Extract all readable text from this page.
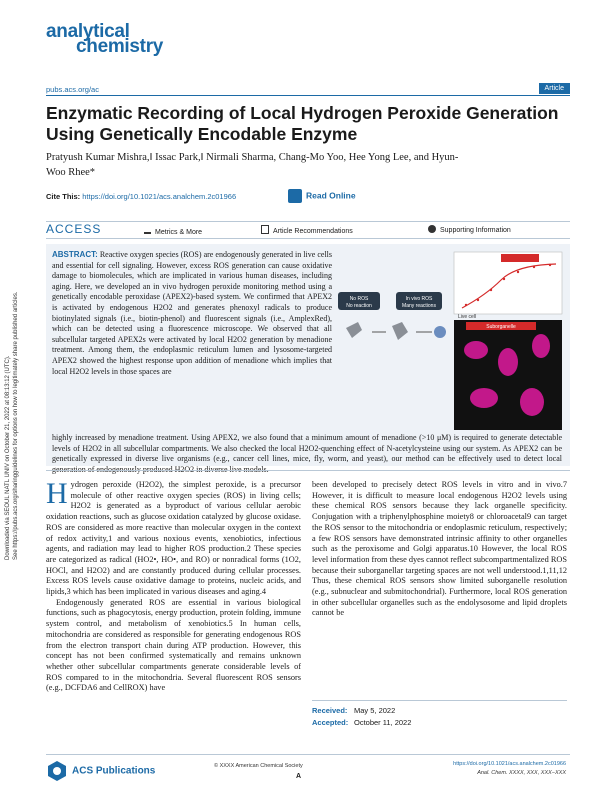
Downloaded via SEOUL NATL UNIV on October 21, 2022 at 08:13:12 (UTC). See https://pubs.acs.org/sharingguidelines for options on how to legitimately share published articles.
analytical
chemistry
pubs.acs.org/ac	Article
Enzymatic Recording of Local Hydrogen Peroxide Generation Using Genetically Encodable Enzyme
Pratyush Kumar Mishra,‖ Issac Park,‖ Nirmali Sharma, Chang-Mo Yoo, Hee Yong Lee, and Hyun-Woo Rhee*
Cite This: https://doi.org/10.1021/acs.analchem.2c01966	Read Online
ACCESS	Metrics & More	Article Recommendations	Supporting Information
ABSTRACT: Reactive oxygen species (ROS) are endogenously generated in live cells and essential for cell signaling. However, excess ROS generation can cause oxidative damage to biomolecules, which are implicated in various human diseases, including aging. Here, we developed an in vivo hydrogen peroxide monitoring method using a genetically encodable peroxidase (APEX2)-based system. We confirmed that APEX2 is activated by endogenous H2O2 and generates phenoxyl radicals to produce biotinylated signals (i.e., biotin-phenol) and fluorescent signals (i.e., AmplexRed), which can be detected using a fluorescence microscope. We observed that all subcellular targeted APEX2s were activated by local H2O2 generation by menadione treatment. Among them, the endoplasmic reticulum lumen and lysosome-targeted APEX2 showed the highest response upon addition of menadione which implies that local H2O2 levels in those spaces are
highly increased by menadione treatment. Using APEX2, we also found that a minimum amount of menadione (>10 μM) is required to generate detectable levels of H2O2 in all subcellular compartments. We also checked the local H2O2-quenching effect of N-acetylcysteine using our system. As APEX2 can be genetically expressed in diverse live organisms (e.g., cancer cell lines, mice, fly, worm, and yeast), our method can be effectively used to detect local
No ROS
No reaction
In vivo ROS
Many reactions
Suborganelle
Live cell

Hydrogen peroxide (H2O2), the simplest peroxide, is a precursor molecule of other reactive oxygen species (ROS) in living cells; H2O2 is generated as a byproduct of various cellular aerobic oxidation reactions, such as glucose oxidation catalyzed by glucose oxidase. ROS are considered as more reactive than molecular oxygen in the context of redox activity,1 and various noxious events, xenobiotics, infectious agents, and radiation may lead to higher ROS production.2 These species are categorized as radical (HO2•, HO•, and RO) or nonradical forms (1O2, HOCl, and H2O2) and are constantly produced during cellular processes. Excess ROS levels cause oxidative damage to proteins, nucleic acids, and lipids,3 which has been implicated in various diseases and aging.4

Endogenously generated ROS are essential in various biological functions, such as phagocytosis, energy production, protein folding, immune system control, and metabolism of xenobiotics.5 In human cells, mitochondria are considered as responsible for generating endogenous ROS from the electron transport chain during ATP production. However, this concept has not been confirmed systematically and remains unknown whether other subcellular compartments generate considerable levels of ROS compared to in the mitochondria. Several fluorescent ROS sensors (e.g., DCFDA6 and CellROX) have

been developed to precisely detect ROS levels in vitro and in vivo.7 However, it is difficult to measure local endogenous H2O2 levels using these chemical ROS sensors because they lack organelle specificity. Conjugation with a triphenylphosphine moiety8 or chloroacetal9 can target the ROS sensor to the mitochondria or endoplasmic reticulum, respectively; a few ROS sensors have demonstrated intrinsic affinity to other organelles such as the peroxisome and Golgi apparatus.10 However, the local ROS level information from these dyes cannot reflect subcompartmentalized ROS because their suborganellar targeting spaces are not well understood.1,11,12 Thus, these chemical ROS sensors show limited suborganelle resolution (e.g., subnuclear and submitochondrial). Furthermore, local ROS generation in other subcellular organelles such as the endolysosome and lipid droplets cannot be

Received: May 5, 2022
Accepted: October 11, 2022
ACS Publications	© XXXX American Chemical Society
A
https://doi.org/10.1021/acs.analchem.2c01966
Anal. Chem. XXXX, XXX, XXX−XXX
